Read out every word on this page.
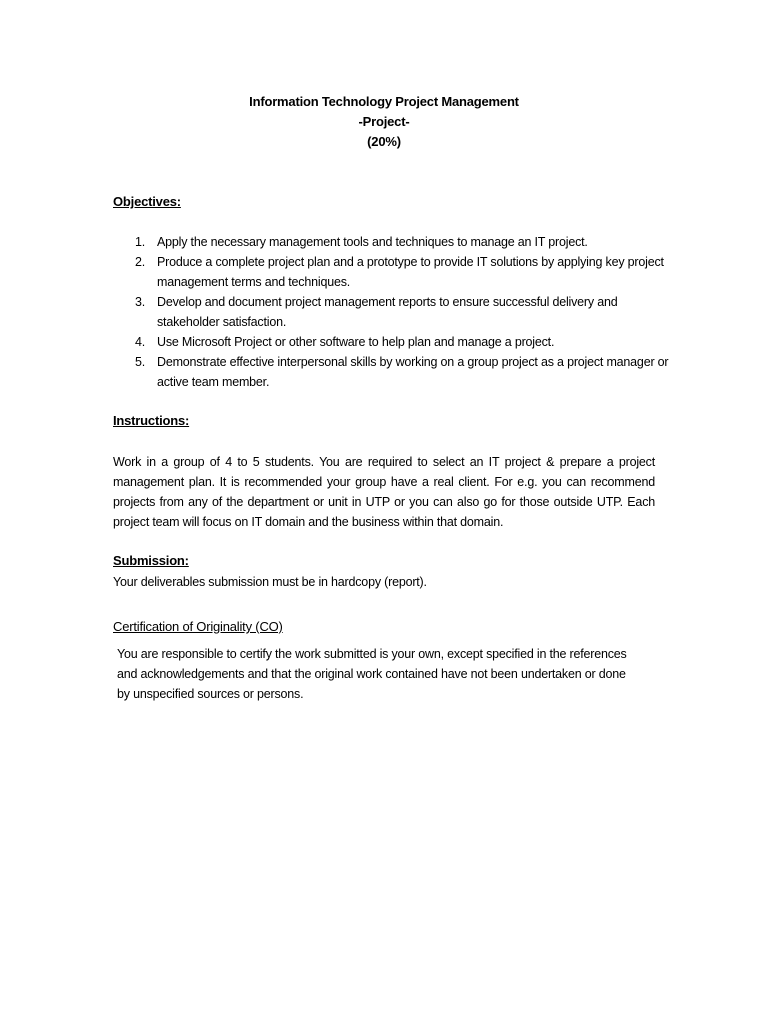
Information Technology Project Management
-Project-
(20%)
Objectives:
1. Apply the necessary management tools and techniques to manage an IT project.
2. Produce a complete project plan and a prototype to provide IT solutions by applying key project management terms and techniques.
3. Develop and document project management reports to ensure successful delivery and stakeholder satisfaction.
4. Use Microsoft Project or other software to help plan and manage a project.
5. Demonstrate effective interpersonal skills by working on a group project as a project manager or active team member.
Instructions:
Work in a group of 4 to 5 students. You are required to select an IT project & prepare a project management plan. It is recommended your group have a real client. For e.g. you can recommend projects from any of the department or unit in UTP or you can also go for those outside UTP. Each project team will focus on IT domain and the business within that domain.
Submission:
Your deliverables submission must be in hardcopy (report).
Certification of Originality (CO)
You are responsible to certify the work submitted is your own, except specified in the references and acknowledgements and that the original work contained have not been undertaken or done by unspecified sources or persons.
